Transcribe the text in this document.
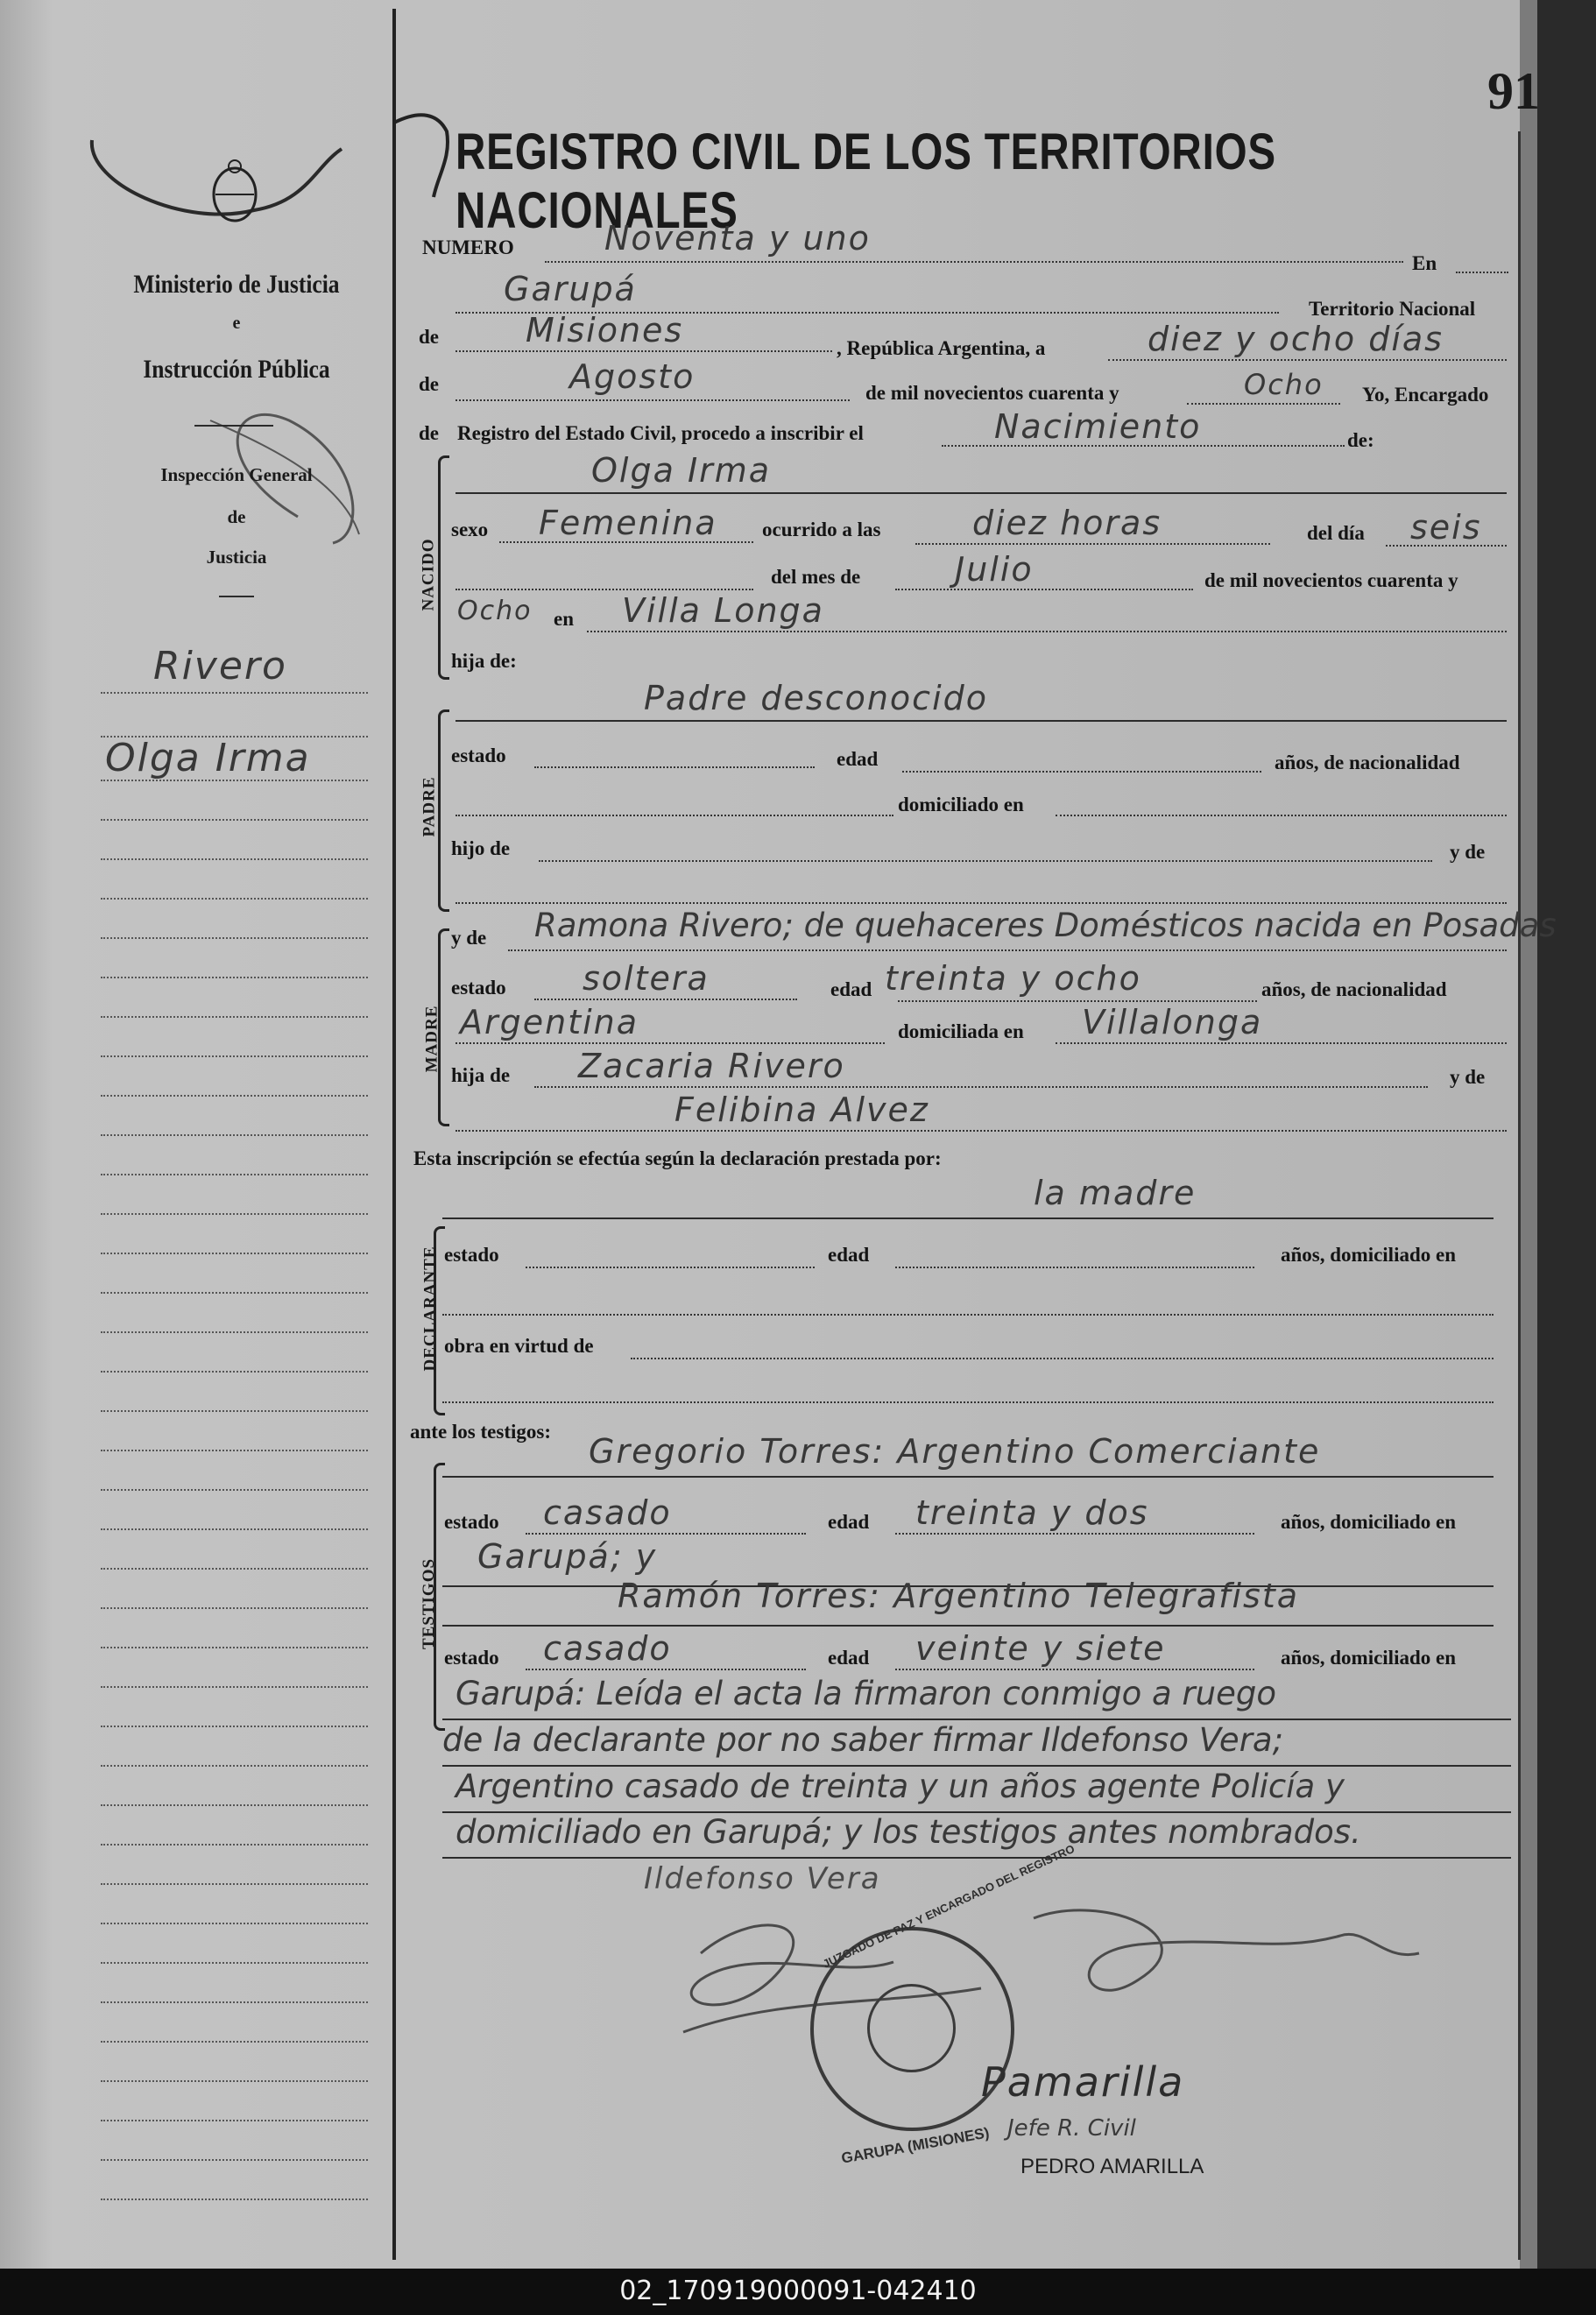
Ministerio de Justicia
e
Instrucción Pública
Inspección General
de
Justicia
Rivero
Olga Irma
91
REGISTRO CIVIL DE LOS TERRITORIOS NACIONALES
NUMERO	Noventa y uno
En
Garupá
Territorio Nacional
de	Misiones	, República Argentina, a	diez y ocho días
de	Agosto	de mil novecientos cuarenta y	Ocho Yo, Encargado
de Registro del Estado Civil, procedo a inscribir el	Nacimiento	de:
NACIDO
Olga Irma
sexo Femenina ocurrido a las	diez horas	del día seis
del mes de	Julio	de mil novecientos cuarenta y
Ocho en Villa Longa
hija de:
PADRE
Padre desconocido
estado	edad	años, de nacionalidad
domiciliado en
hijo de	y de
MADRE
y de Ramona Rivero; de quehaceres Domésticos nacida en Posadas
estado soltera	edad treinta y ocho	años, de nacionalidad
Argentina	domiciliada en Villalonga
hija de Zacaria Rivero	y de
Felibina Alvez
Esta inscripción se efectúa según la declaración prestada por:
la madre
DECLARANTE estado	edad	años, domiciliado en
obra en virtud de
ante los testigos:
TESTIGOS
Gregorio Torres: Argentino Comerciante
estado casado	edad treinta y dos	años, domiciliado en
Garupá; y
Ramón Torres: Argentino Telegrafista
estado casado	edad veinte y siete	años, domiciliado en
Garupá: Leída el acta la firmaron conmigo a ruego
de la declarante por no saber firmar Ildefonso Vera;
Argentino casado de treinta y un años agente Policía y
domiciliado en Garupá; y los testigos antes nombrados.
Ildefonso Vera
JUZGADO DE PAZ Y ENCARGADO DEL REGISTRO
GARUPA (MISIONES)
Pamarilla
Jefe R. Civil
PEDRO AMARILLA
02_170919000091-042410
